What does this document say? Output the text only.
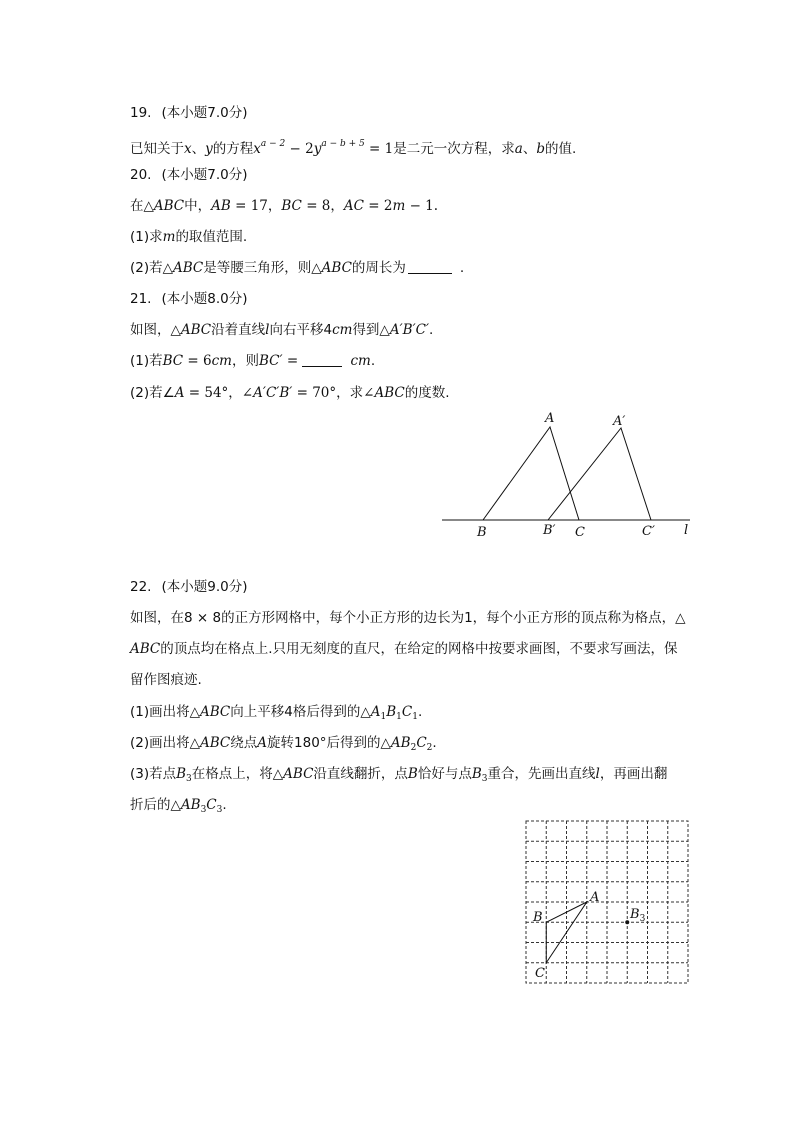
19. (本小题7.0分)
已知关于x、y的方程$x^{a - 2} - 2y^{a - b + 5} = 1$是二元一次方程，求a、b的值.
20. (本小题7.0分)
在△ABC中，AB = 17，BC = 8，AC = 2m − 1.
(1)求m的取值范围.
(2)若△ABC是等腰三角形，则△ABC的周长为	.
21. (本小题8.0分)
如图，△ABC沿着直线l向右平移4cm得到△A′B′C′.
(1)若BC = 6cm，则BC′ =	cm.
(2)若∠A = 54°，∠A′C′B′ = 70°，求∠ABC的度数.
A	A′
B	B′ C	C′ l
22. (本小题9.0分)
如图，在8 × 8的正方形网格中，每个小正方形的边长为1，每个小正方形的顶点称为格点，△
ABC的顶点均在格点上.只用无刻度的直尺，在给定的网格中按要求画图，不要求写画法，保
留作图痕迹.
(1)画出将△ABC向上平移4格后得到的$\triangle A_1B_1C_1$.
(2)画出将△ABC绕点A旋转180°后得到的$\triangle AB_2C_2$.
(3)若点$B_3$在格点上，将△ABC沿直线翻折，点B恰好与点$B_3$重合，先画出直线l，再画出翻
折后的$\triangle AB_3C_3$.
A
B
C
$B_3$
